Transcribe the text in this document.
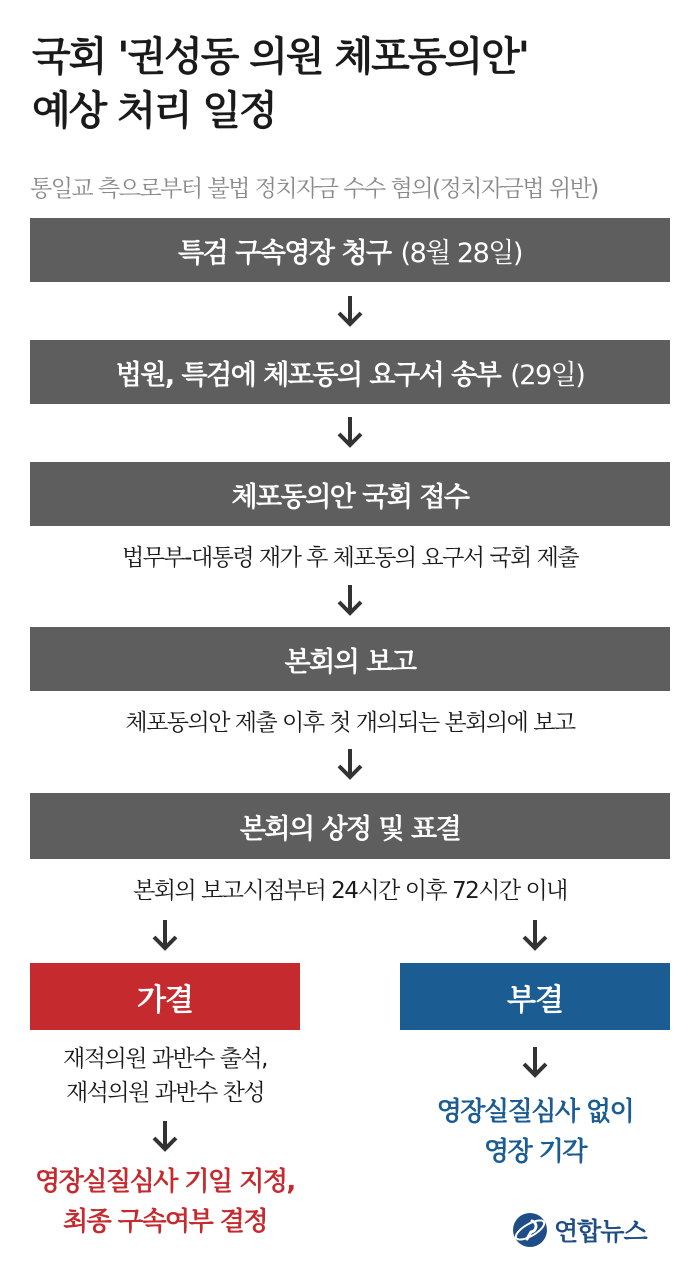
국회 '권성동 의원 체포동의안'
예상 처리 일정
통일교 측으로부터 불법 정치자금 수수 혐의(정치자금법 위반)
특검 구속영장 청구 (8월 28일)
법원, 특검에 체포동의 요구서 송부 (29일)
체포동의안 국회 접수
법무부-대통령 재가 후 체포동의 요구서 국회 제출
본회의 보고
체포동의안 제출 이후 첫 개의되는 본회의에 보고
본회의 상정 및 표결
본회의 보고시점부터 24시간 이후 72시간 이내
가결	부결
재적의원 과반수 출석,
재석의원 과반수 찬성
영장실질심사 기일 지정,
최종 구속여부 결정
영장실질심사 없이
영장 기각
연합뉴스
